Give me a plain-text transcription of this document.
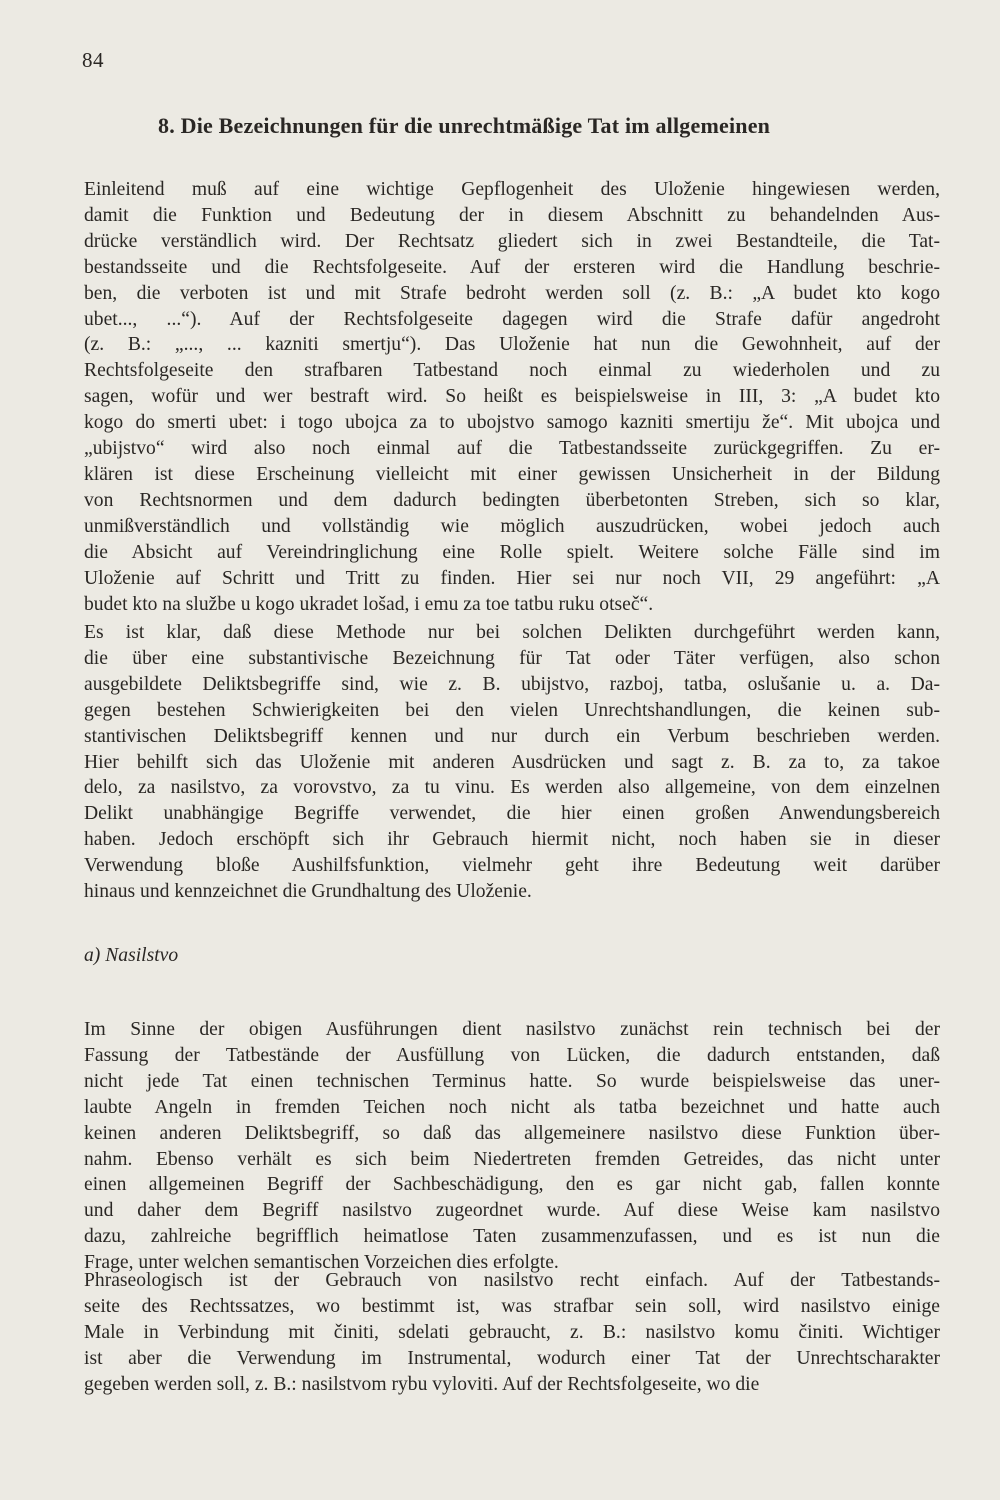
84
8. Die Bezeichnungen für die unrechtmäßige Tat im allgemeinen
Einleitend muß auf eine wichtige Gepflogenheit des Uloženie hingewiesen werden,
damit die Funktion und Bedeutung der in diesem Abschnitt zu behandelnden Aus-
drücke verständlich wird. Der Rechtsatz gliedert sich in zwei Bestandteile, die Tat-
bestandsseite und die Rechtsfolgeseite. Auf der ersteren wird die Handlung beschrie-
ben, die verboten ist und mit Strafe bedroht werden soll (z. B.: „A budet kto kogo
ubet..., ...“). Auf der Rechtsfolgeseite dagegen wird die Strafe dafür angedroht
(z. B.: „..., ... kazniti smertju“). Das Uloženie hat nun die Gewohnheit, auf der
Rechtsfolgeseite den strafbaren Tatbestand noch einmal zu wiederholen und zu
sagen, wofür und wer bestraft wird. So heißt es beispielsweise in III, 3: „A budet kto
kogo do smerti ubet: i togo ubojca za to ubojstvo samogo kazniti smertiju že“. Mit ubojca und
„ubijstvo“ wird also noch einmal auf die Tatbestandsseite zurückgegriffen. Zu er-
klären ist diese Erscheinung vielleicht mit einer gewissen Unsicherheit in der Bildung
von Rechtsnormen und dem dadurch bedingten überbetonten Streben, sich so klar,
unmißverständlich und vollständig wie möglich auszudrücken, wobei jedoch auch
die Absicht auf Vereindringlichung eine Rolle spielt. Weitere solche Fälle sind im
Uloženie auf Schritt und Tritt zu finden. Hier sei nur noch VII, 29 angeführt: „A
budet kto na službe u kogo ukradet lošad, i emu za toe tatbu ruku otseč“.
Es ist klar, daß diese Methode nur bei solchen Delikten durchgeführt werden kann,
die über eine substantivische Bezeichnung für Tat oder Täter verfügen, also schon
ausgebildete Deliktsbegriffe sind, wie z. B. ubijstvo, razboj, tatba, oslušanie u. a. Da-
gegen bestehen Schwierigkeiten bei den vielen Unrechtshandlungen, die keinen sub-
stantivischen Deliktsbegriff kennen und nur durch ein Verbum beschrieben werden.
Hier behilft sich das Uloženie mit anderen Ausdrücken und sagt z. B. za to, za takoe
delo, za nasilstvo, za vorovstvo, za tu vinu. Es werden also allgemeine, von dem einzelnen
Delikt unabhängige Begriffe verwendet, die hier einen großen Anwendungsbereich
haben. Jedoch erschöpft sich ihr Gebrauch hiermit nicht, noch haben sie in dieser
Verwendung bloße Aushilfsfunktion, vielmehr geht ihre Bedeutung weit darüber
hinaus und kennzeichnet die Grundhaltung des Uloženie.
a) Nasilstvo
Im Sinne der obigen Ausführungen dient nasilstvo zunächst rein technisch bei der
Fassung der Tatbestände der Ausfüllung von Lücken, die dadurch entstanden, daß
nicht jede Tat einen technischen Terminus hatte. So wurde beispielsweise das uner-
laubte Angeln in fremden Teichen noch nicht als tatba bezeichnet und hatte auch
keinen anderen Deliktsbegriff, so daß das allgemeinere nasilstvo diese Funktion über-
nahm. Ebenso verhält es sich beim Niedertreten fremden Getreides, das nicht unter
einen allgemeinen Begriff der Sachbeschädigung, den es gar nicht gab, fallen konnte
und daher dem Begriff nasilstvo zugeordnet wurde. Auf diese Weise kam nasilstvo
dazu, zahlreiche begrifflich heimatlose Taten zusammenzufassen, und es ist nun die
Frage, unter welchen semantischen Vorzeichen dies erfolgte.
Phraseologisch ist der Gebrauch von nasilstvo recht einfach. Auf der Tatbestands-
seite des Rechtssatzes, wo bestimmt ist, was strafbar sein soll, wird nasilstvo einige
Male in Verbindung mit činiti, sdelati gebraucht, z. B.: nasilstvo komu činiti. Wichtiger
ist aber die Verwendung im Instrumental, wodurch einer Tat der Unrechtscharakter
gegeben werden soll, z. B.: nasilstvom rybu vyloviti. Auf der Rechtsfolgeseite, wo die
